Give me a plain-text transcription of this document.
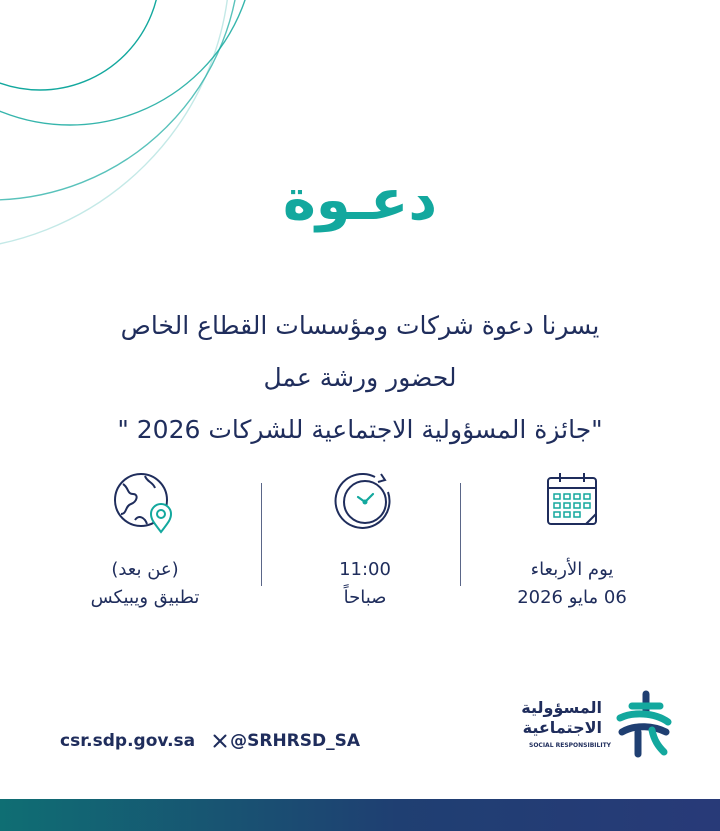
دعـوة
يسرنا دعوة شركات ومؤسسات القطاع الخاص
لحضور ورشة عمل
"جائزة المسؤولية الاجتماعية للشركات 2026 "
يوم الأربعاء
06 مايو 2026
11:00
صباحاً
(عن بعد)
تطبيق ويبيكس
csr.sdp.gov.sa @SRHRSD_SA
المسؤولية
الاجتماعية
SOCIAL RESPONSIBILITY
